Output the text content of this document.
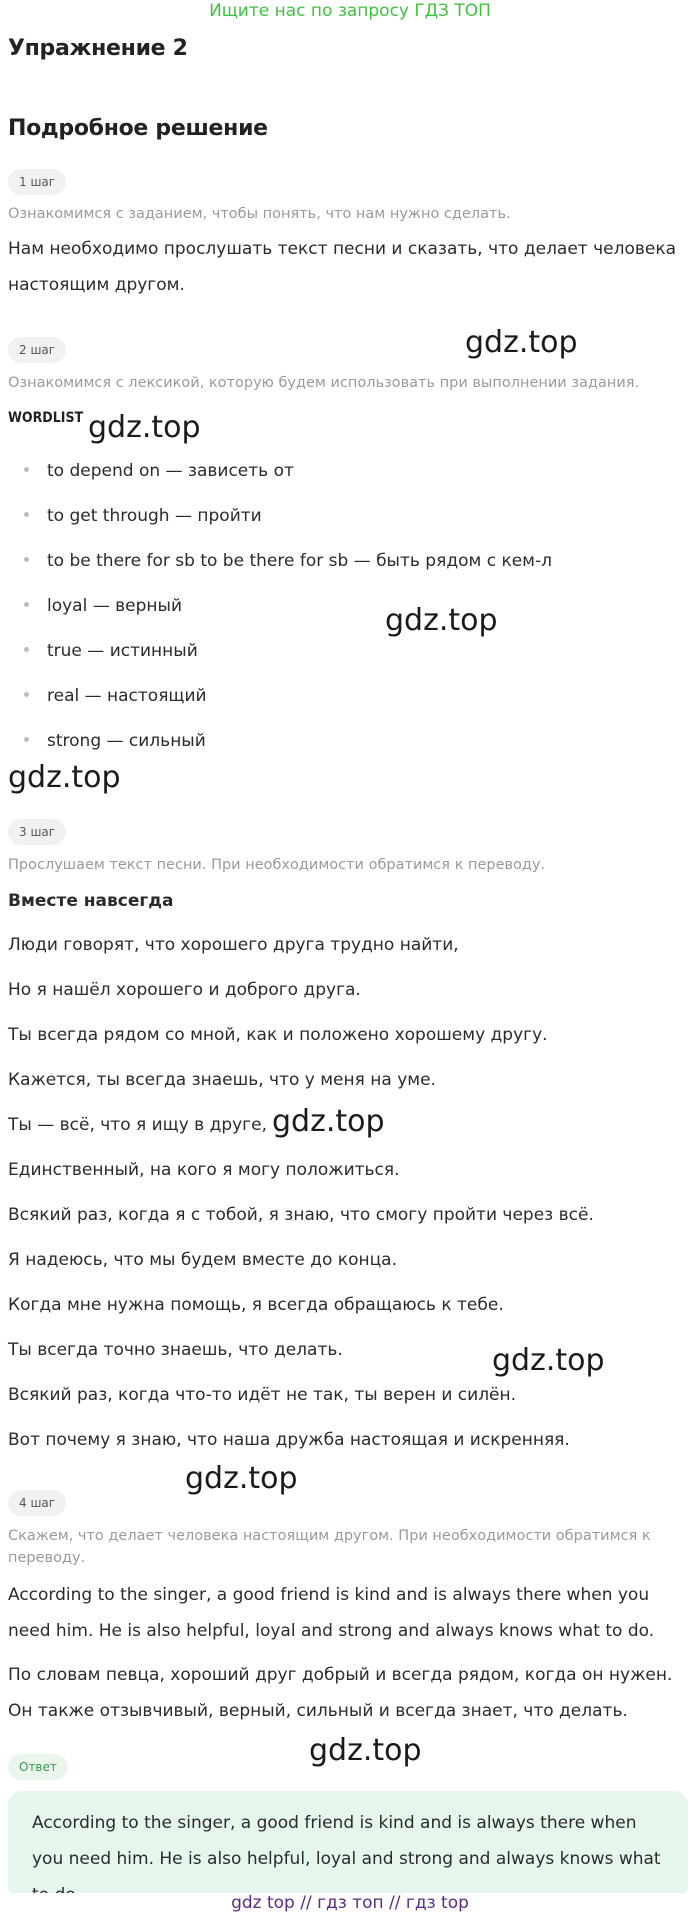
Ищите нас по запросу ГДЗ ТОП
Упражнение 2
Подробное решение
1 шаг
Ознакомимся с заданием, чтобы понять, что нам нужно сделать.
Нам необходимо прослушать текст песни и сказать, что делает человека настоящим другом.
2 шаг
Ознакомимся с лексикой, которую будем использовать при выполнении задания.
WORDLIST
to depend on — зависеть от
to get through — пройти
to be there for sb to be there for sb — быть рядом с кем-л
loyal — верный
true — истинный
real — настоящий
strong — сильный
3 шаг
Прослушаем текст песни. При необходимости обратимся к переводу.
Вместе навсегда
Люди говорят, что хорошего друга трудно найти,
Но я нашёл хорошего и доброго друга.
Ты всегда рядом со мной, как и положено хорошему другу.
Кажется, ты всегда знаешь, что у меня на уме.
Ты — всё, что я ищу в друге,
Единственный, на кого я могу положиться.
Всякий раз, когда я с тобой, я знаю, что смогу пройти через всё.
Я надеюсь, что мы будем вместе до конца.
Когда мне нужна помощь, я всегда обращаюсь к тебе.
Ты всегда точно знаешь, что делать.
Всякий раз, когда что-то идёт не так, ты верен и силён.
Вот почему я знаю, что наша дружба настоящая и искренняя.
4 шаг
Скажем, что делает человека настоящим другом. При необходимости обратимся к переводу.
According to the singer, a good friend is kind and is always there when you need him. He is also helpful, loyal and strong and always knows what to do.
По словам певца, хороший друг добрый и всегда рядом, когда он нужен. Он также отзывчивый, верный, сильный и всегда знает, что делать.
Ответ
According to the singer, a good friend is kind and is always there when you need him. He is also helpful, loyal and strong and always knows what
gdz.top
gdz.top
gdz.top
gdz.top
gdz.top
gdz.top
gdz.top
gdz.top
gdz top // гдз топ // гдз top
